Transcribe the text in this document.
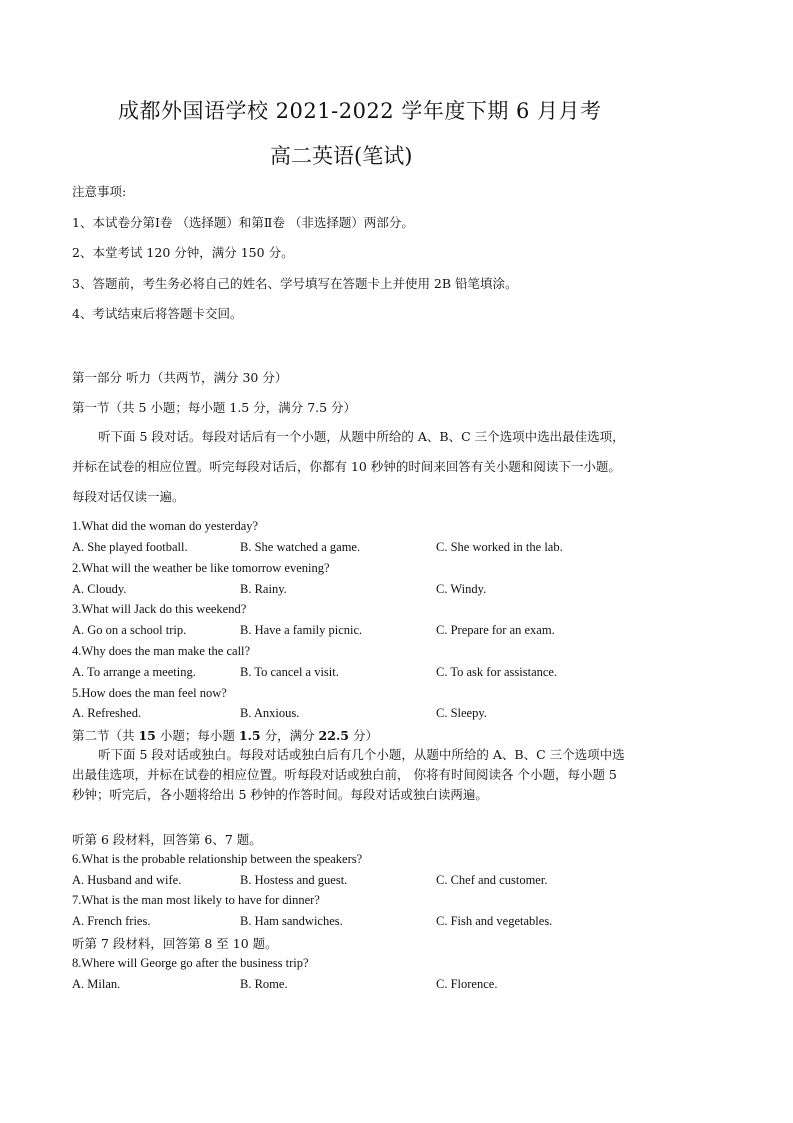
成都外国语学校 2021-2022 学年度下期 6 月月考
高二英语(笔试)
注意事项:
1、本试卷分第Ⅰ卷 （选择题）和第Ⅱ卷 （非选择题）两部分。
2、本堂考试 120 分钟，满分 150 分。
3、答题前，考生务必将自己的姓名、学号填写在答题卡上并使用 2B 铅笔填涂。
4、考试结束后将答题卡交回。
第一部分 听力（共两节，满分 30 分）
第一节（共 5 小题；每小题 1.5 分，满分 7.5 分）
听下面 5 段对话。每段对话后有一个小题，从题中所给的 A、B、C 三个选项中选出最佳选项，并标在试卷的相应位置。听完每段对话后，你都有 10 秒钟的时间来回答有关小题和阅读下一小题。每段对话仅读一遍。
1.What did the woman do yesterday?
A. She played football.	B. She watched a game.	C. She worked in the lab.
2.What will the weather be like tomorrow evening?
A. Cloudy.	B. Rainy.	C. Windy.
3.What will Jack do this weekend?
A. Go on a school trip.	B. Have a family picnic.	C. Prepare for an exam.
4.Why does the man make the call?
A. To arrange a meeting.	B. To cancel a visit.	C. To ask for assistance.
5.How does the man feel now?
A. Refreshed.	B. Anxious.	C. Sleepy.
第二节（共 15 小题；每小题 1.5 分，满分 22.5 分）
听下面 5 段对话或独白。每段对话或独白后有几个小题，从题中所给的 A、B、C 三个选项中选出最佳选项，并标在试卷的相应位置。听每段对话或独白前， 你将有时间阅读各 个小题，每小题 5 秒钟；听完后，各小题将给出 5 秒钟的作答时间。每段对话或独白读两遍。
听第 6 段材料，回答第 6、7 题。
6.What is the probable relationship between the speakers?
A. Husband and wife.	B. Hostess and guest.	C. Chef and customer.
7.What is the man most likely to have for dinner?
A. French fries.	B. Ham sandwiches.	C. Fish and vegetables.
听第 7 段材料，回答第 8 至 10 题。
8.Where will George go after the business trip?
A. Milan.	B. Rome.	C. Florence.
